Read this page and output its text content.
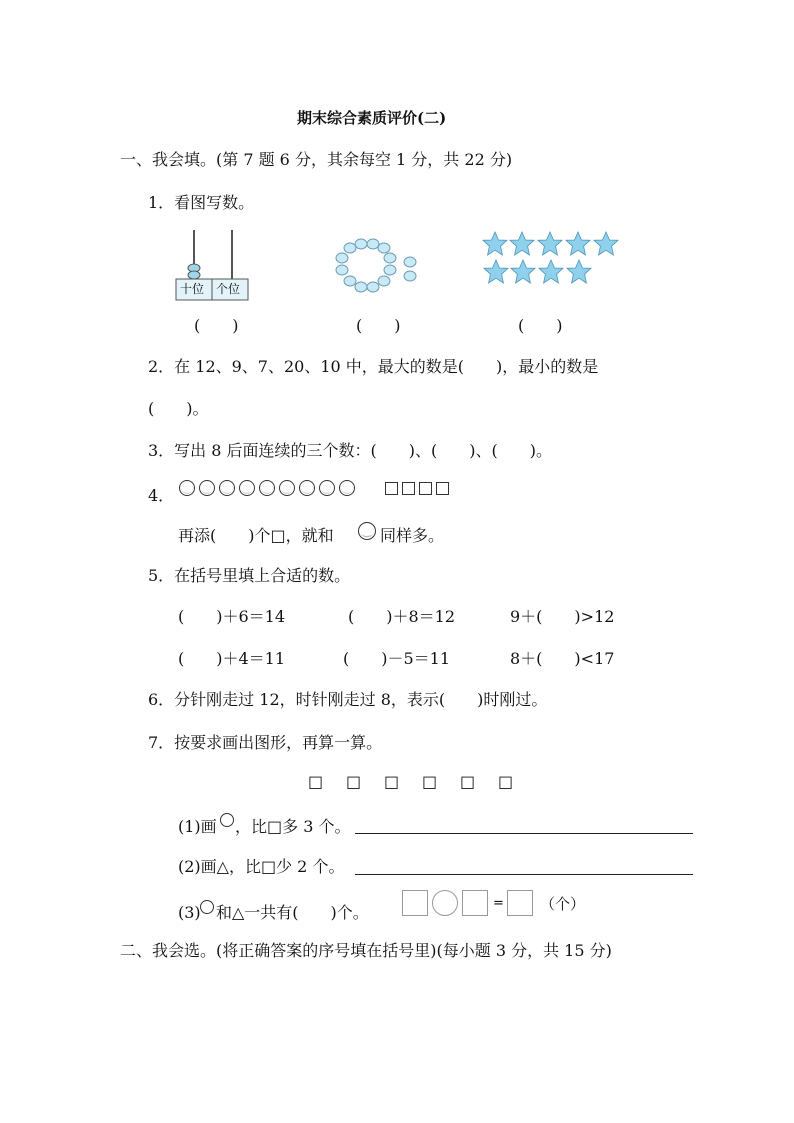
期末综合素质评价(二)
一、我会填。(第 7 题 6 分，其余每空 1 分，共 22 分)
1．看图写数。
十位 个位
(　　)	(　　)	(　　)
2．在 12、9、7、20、10 中，最大的数是(　　)，最小的数是
(　　)。
3．写出 8 后面连续的三个数：(　　)、(　　)、(　　)。
4．
再添(　　)个□，就和	同样多。
5．在括号里填上合适的数。
(　　)＋6＝14	(　　)＋8＝12	9＋(　　)>12
(　　)＋4＝11	(　　)－5＝11	8＋(　　)<17
6．分针刚走过 12，时针刚走过 8，表示(　　)时刚过。
7．按要求画出图形，再算一算。
□ □ □ □ □ □
(1)画 ，比□多 3 个。
(2)画△，比□少 2 个。
(3) 和△一共有(　　)个。	= （个）
二、我会选。(将正确答案的序号填在括号里)(每小题 3 分，共 15 分)
